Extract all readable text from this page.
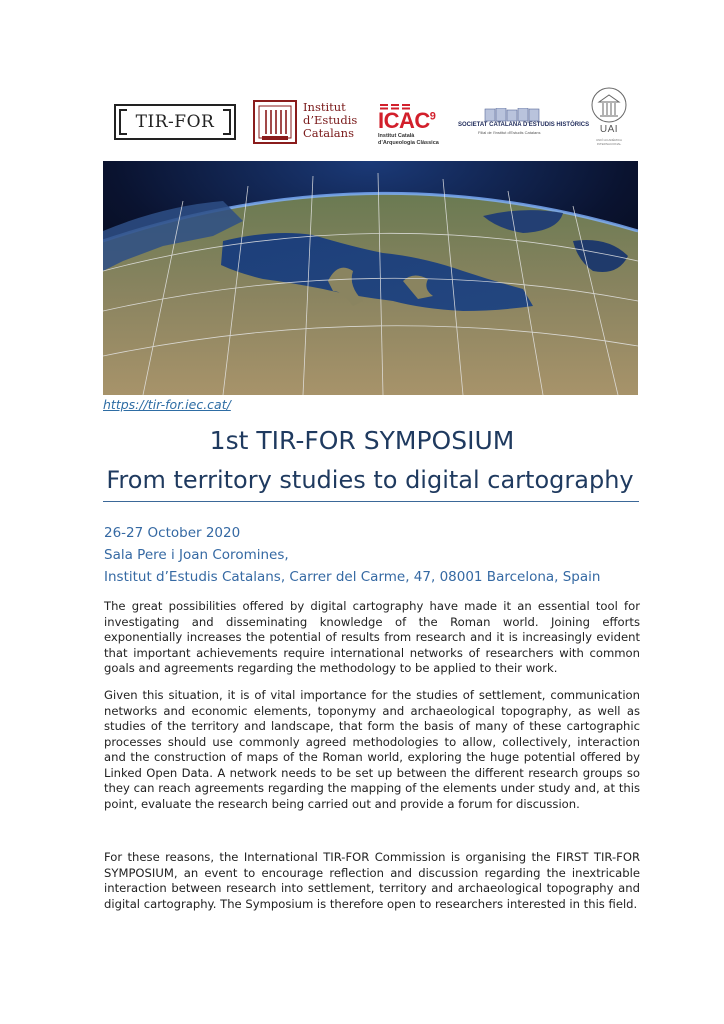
TIR-FOR
Institut
d’Estudis
Catalans ICAC$^9$
Institut Català
d’Arqueologia Clàssica
SOCIETAT CATALANA D'ESTUDIS HISTÒRICS
Filial de l'Institut d'Estudis Catalans	UAI
UNIÓ ACADÈMICA INTERNACIONAL
https://tir-for.iec.cat/
1st TIR-FOR SYMPOSIUM
From territory studies to digital cartography
26-27 October 2020
Sala Pere i Joan Coromines,
Institut d’Estudis Catalans, Carrer del Carme, 47, 08001 Barcelona, Spain

The great possibilities offered by digital cartography have made it an essential tool for investigating and disseminating knowledge of the Roman world. Joining efforts exponentially increases the potential of results from research and it is increasingly evident that important achievements require international networks of researchers with common goals and agreements regarding the methodology to be applied to their work.

Given this situation, it is of vital importance for the studies of settlement, communication networks and economic elements, toponymy and archaeological topography, as well as studies of the territory and landscape, that form the basis of many of these cartographic processes should use commonly agreed methodologies to allow, collectively, interaction and the construction of maps of the Roman world, exploring the huge potential offered by Linked Open Data. A network needs to be set up between the different research groups so they can reach agreements regarding the mapping of the elements under study and, at this point, evaluate the research being carried out and provide a forum for discussion.

For these reasons, the International TIR-FOR Commission is organising the FIRST TIR-FOR SYMPOSIUM, an event to encourage reflection and discussion regarding the inextricable interaction between research into settlement, territory and archaeological topography and digital cartography. The Symposium is therefore open to researchers interested in this field.
